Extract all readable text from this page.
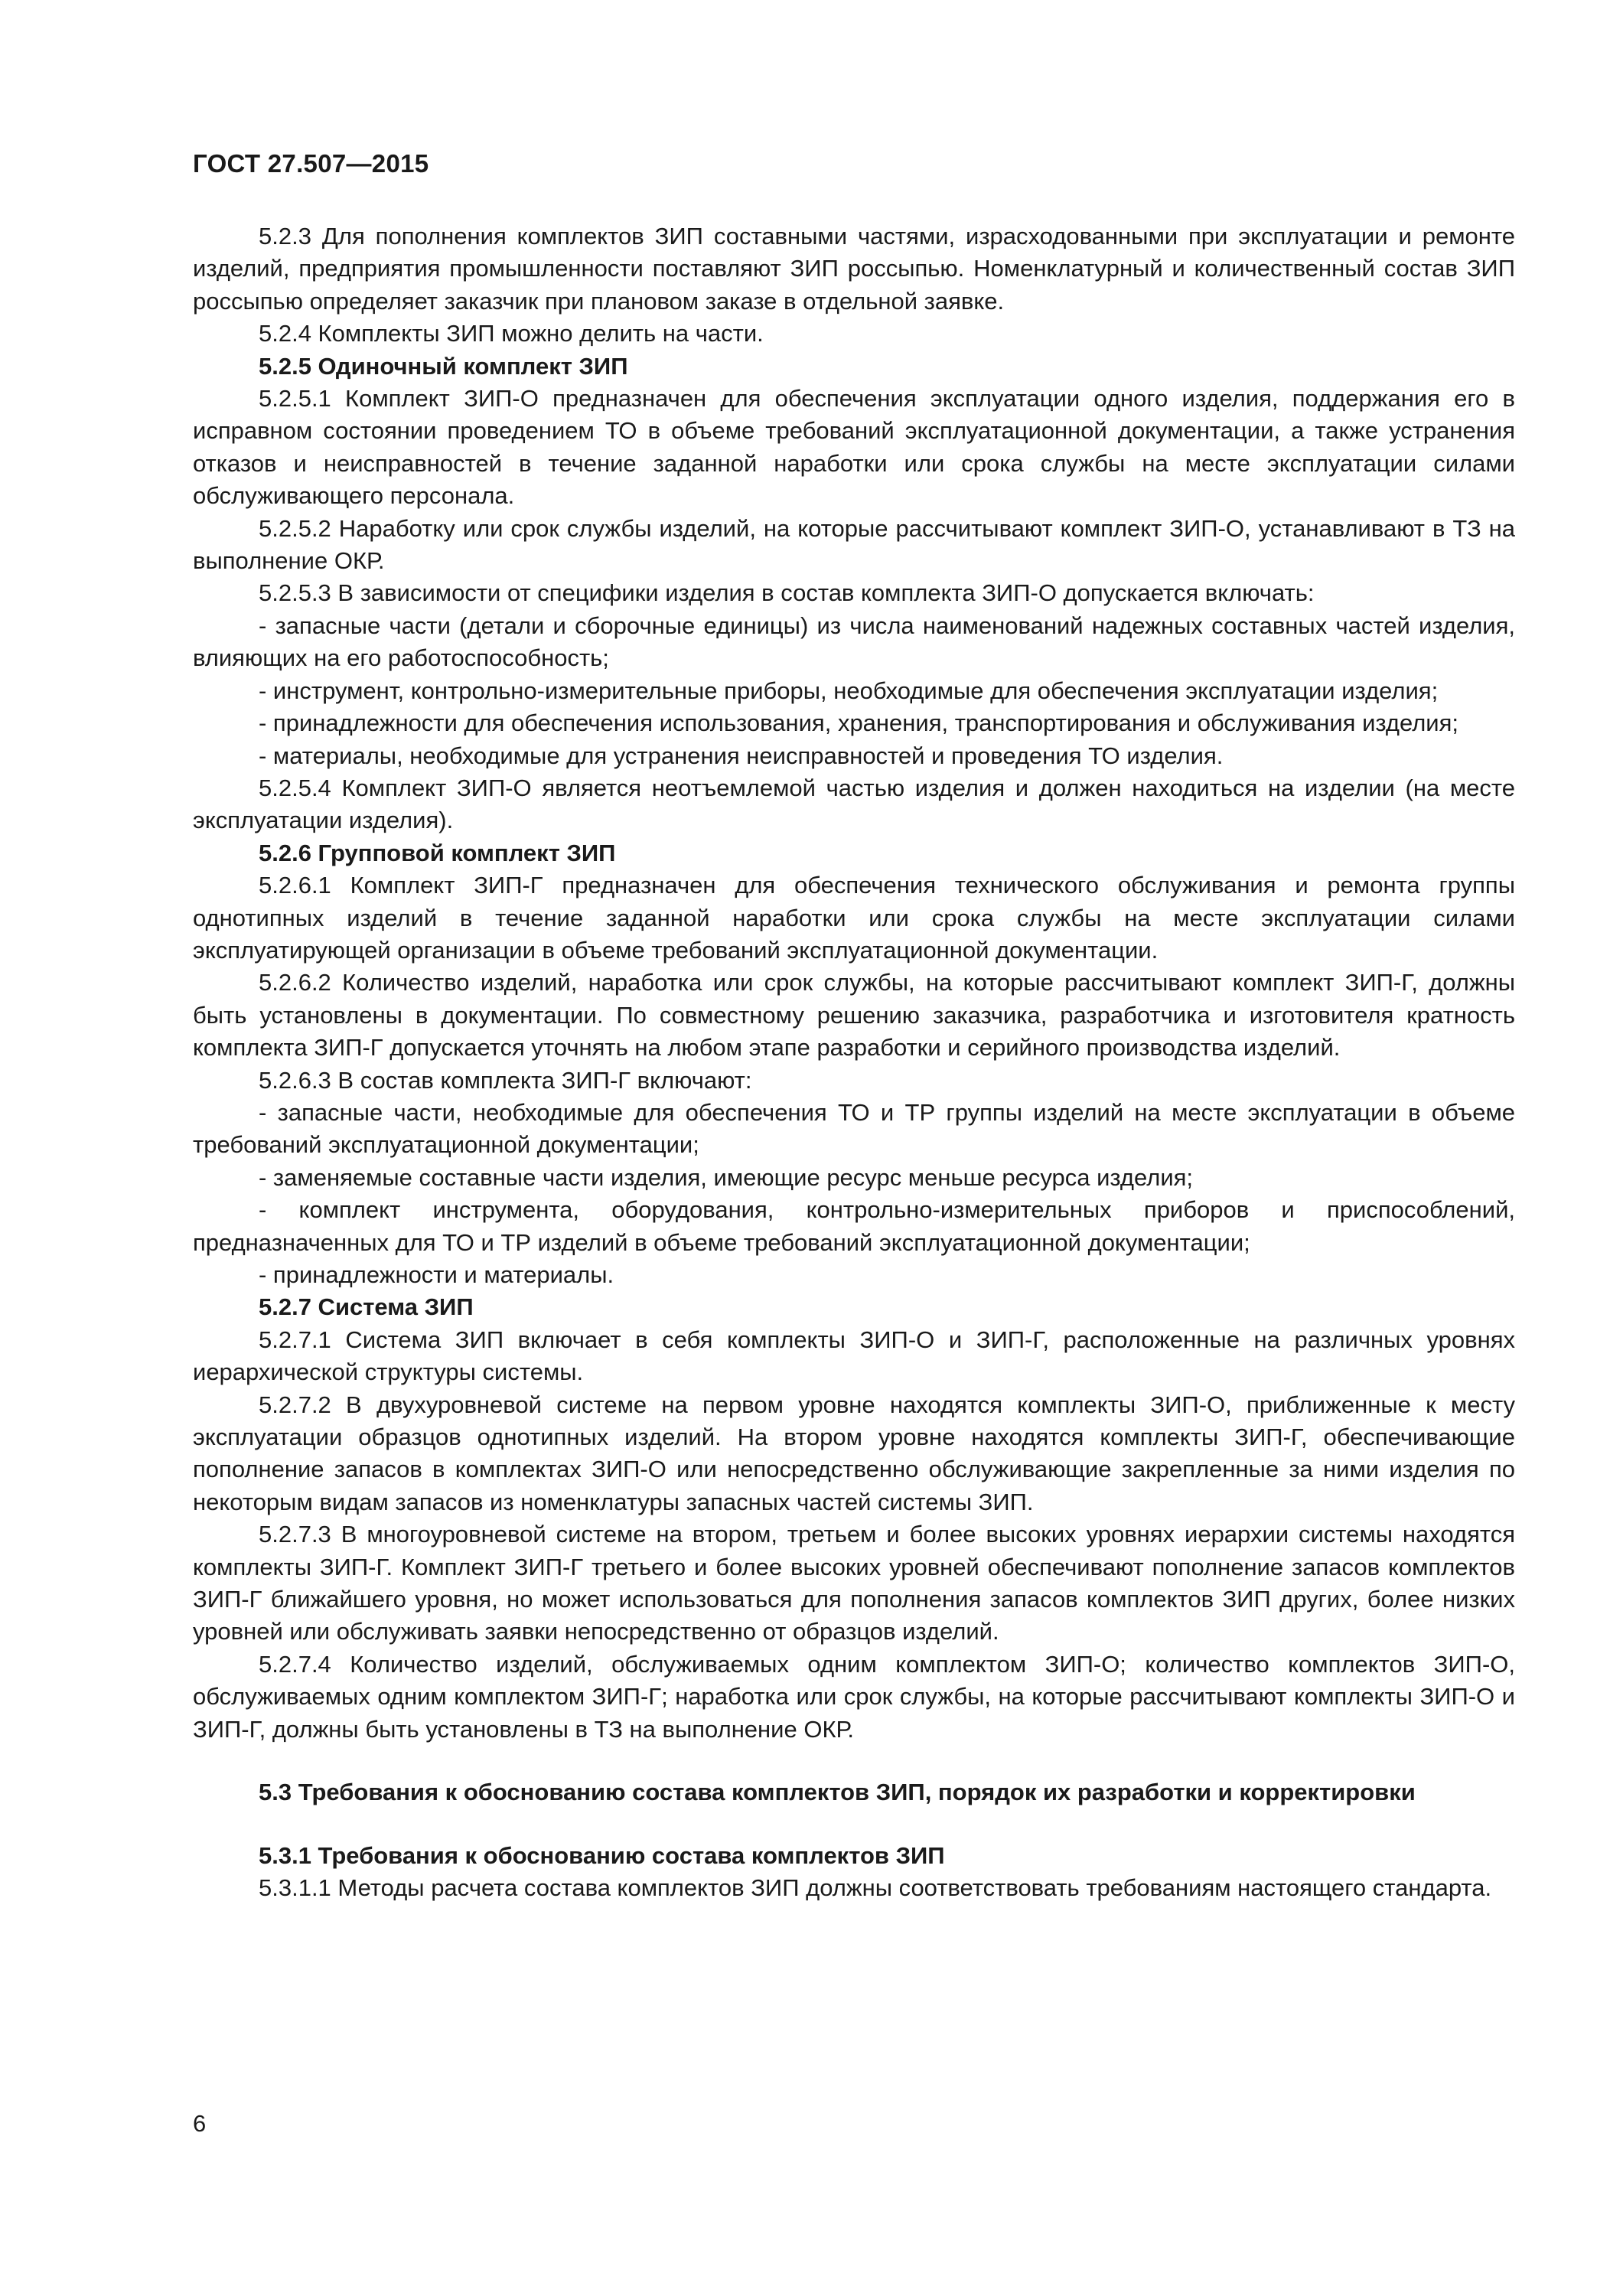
ГОСТ 27.507—2015

5.2.3 Для пополнения комплектов ЗИП составными частями, израсходованными при эксплуатации и ремонте изделий, предприятия промышленности поставляют ЗИП россыпью. Номенклатурный и количественный состав ЗИП россыпью определяет заказчик при плановом заказе в отдельной заявке.

5.2.4 Комплекты ЗИП можно делить на части.

5.2.5 Одиночный комплект ЗИП

5.2.5.1 Комплект ЗИП-О предназначен для обеспечения эксплуатации одного изделия, поддержания его в исправном состоянии проведением ТО в объеме требований эксплуатационной документации, а также устранения отказов и неисправностей в течение заданной наработки или срока службы на месте эксплуатации силами обслуживающего персонала.

5.2.5.2 Наработку или срок службы изделий, на которые рассчитывают комплект ЗИП-О, устанавливают в ТЗ на выполнение ОКР.

5.2.5.3 В зависимости от специфики изделия в состав комплекта ЗИП-О допускается включать:

- запасные части (детали и сборочные единицы) из числа наименований надежных составных частей изделия, влияющих на его работоспособность;

- инструмент, контрольно-измерительные приборы, необходимые для обеспечения эксплуатации изделия;

- принадлежности для обеспечения использования, хранения, транспортирования и обслуживания изделия;

- материалы, необходимые для устранения неисправностей и проведения ТО изделия.

5.2.5.4 Комплект ЗИП-О является неотъемлемой частью изделия и должен находиться на изделии (на месте эксплуатации изделия).

5.2.6 Групповой комплект ЗИП

5.2.6.1 Комплект ЗИП-Г предназначен для обеспечения технического обслуживания и ремонта группы однотипных изделий в течение заданной наработки или срока службы на месте эксплуатации силами эксплуатирующей организации в объеме требований эксплуатационной документации.

5.2.6.2 Количество изделий, наработка или срок службы, на которые рассчитывают комплект ЗИП-Г, должны быть установлены в документации. По совместному решению заказчика, разработчика и изготовителя кратность комплекта ЗИП-Г допускается уточнять на любом этапе разработки и серийного производства изделий.

5.2.6.3 В состав комплекта ЗИП-Г включают:

- запасные части, необходимые для обеспечения ТО и ТР группы изделий на месте эксплуатации в объеме требований эксплуатационной документации;

- заменяемые составные части изделия, имеющие ресурс меньше ресурса изделия;

- комплект инструмента, оборудования, контрольно-измерительных приборов и приспособлений, предназначенных для ТО и ТР изделий в объеме требований эксплуатационной документации;

- принадлежности и материалы.

5.2.7 Система ЗИП

5.2.7.1 Система ЗИП включает в себя комплекты ЗИП-О и ЗИП-Г, расположенные на различных уровнях иерархической структуры системы.

5.2.7.2 В двухуровневой системе на первом уровне находятся комплекты ЗИП-О, приближенные к месту эксплуатации образцов однотипных изделий. На втором уровне находятся комплекты ЗИП-Г, обеспечивающие пополнение запасов в комплектах ЗИП-О или непосредственно обслуживающие закрепленные за ними изделия по некоторым видам запасов из номенклатуры запасных частей системы ЗИП.

5.2.7.3 В многоуровневой системе на втором, третьем и более высоких уровнях иерархии системы находятся комплекты ЗИП-Г. Комплект ЗИП-Г третьего и более высоких уровней обеспечивают пополнение запасов комплектов ЗИП-Г ближайшего уровня, но может использоваться для пополнения запасов комплектов ЗИП других, более низких уровней или обслуживать заявки непосредственно от образцов изделий.

5.2.7.4 Количество изделий, обслуживаемых одним комплектом ЗИП-О; количество комплектов ЗИП-О, обслуживаемых одним комплектом ЗИП-Г; наработка или срок службы, на которые рассчитывают комплекты ЗИП-О и ЗИП-Г, должны быть установлены в ТЗ на выполнение ОКР.

5.3 Требования к обоснованию состава комплектов ЗИП, порядок их разработки и корректировки

5.3.1 Требования к обоснованию состава комплектов ЗИП

5.3.1.1 Методы расчета состава комплектов ЗИП должны соответствовать требованиям настоящего стандарта.

6
